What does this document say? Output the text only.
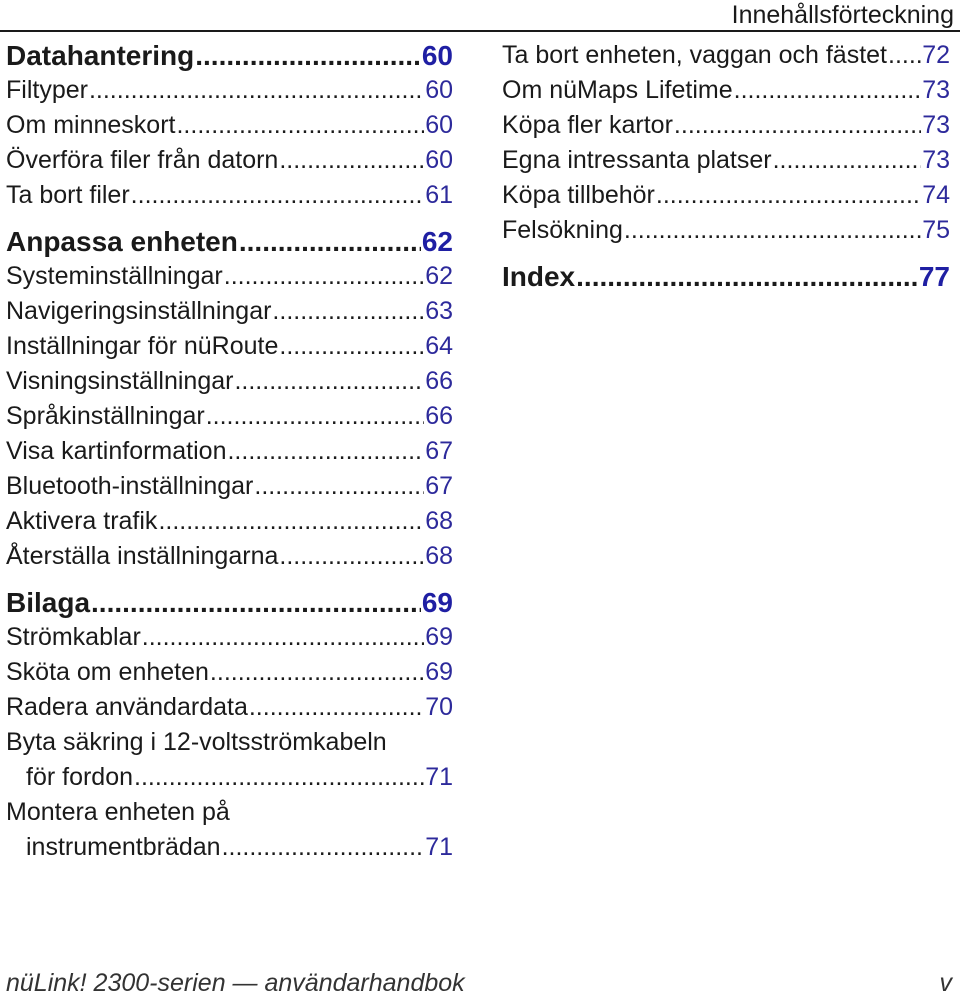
Innehållsförteckning
Datahantering .....	60
Filtyper .....	60
Om minneskort .....	60
Överföra filer från datorn .....	60
Ta bort filer .....	61
Anpassa enheten .....	62
Systeminställningar .....	62
Navigeringsinställningar .....	63
Inställningar för nüRoute .....	64
Visningsinställningar .....	66
Språkinställningar .....	66
Visa kartinformation .....	67
Bluetooth-inställningar .....	67
Aktivera trafik .....	68
Återställa inställningarna .....	68
Bilaga .....	69
Strömkablar .....	69
Sköta om enheten .....	69
Radera användardata .....	70
Byta säkring i 12-voltsströmkabeln
för fordon .....	71
Montera enheten på
instrumentbrädan .....	71
Ta bort enheten, vaggan och fästet ..... 72
Om nüMaps Lifetime .....	73
Köpa fler kartor .....	73
Egna intressanta platser .....	73
Köpa tillbehör .....	74
Felsökning .....	75
Index .....	77
nüLink! 2300-serien — användarhandbok	v
